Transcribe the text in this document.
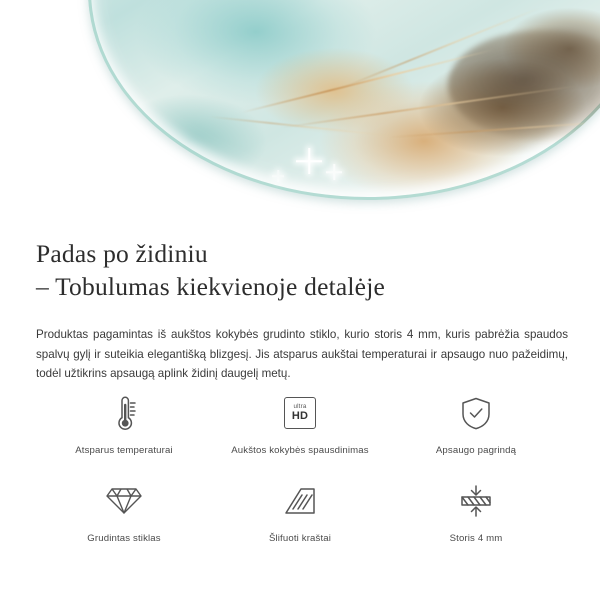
Padas po židiniu
– Tobulumas kiekvienoje detalėje

Produktas pagamintas iš aukštos kokybės grudinto stiklo, kurio storis 4 mm, kuris pabrėžia spaudos spalvų gylį ir suteikia elegantišką blizgesį. Jis atsparus aukštai temperaturai ir apsaugo nuo pažeidimų, todėl užtikrins apsaugą aplink židinį daugelį metų.

Atsparus temperaturai
ultra
HD
Aukštos kokybės spausdinimas	Apsaugo pagrindą
Grudintas stiklas	Šlifuoti kraštai	Storis 4 mm
